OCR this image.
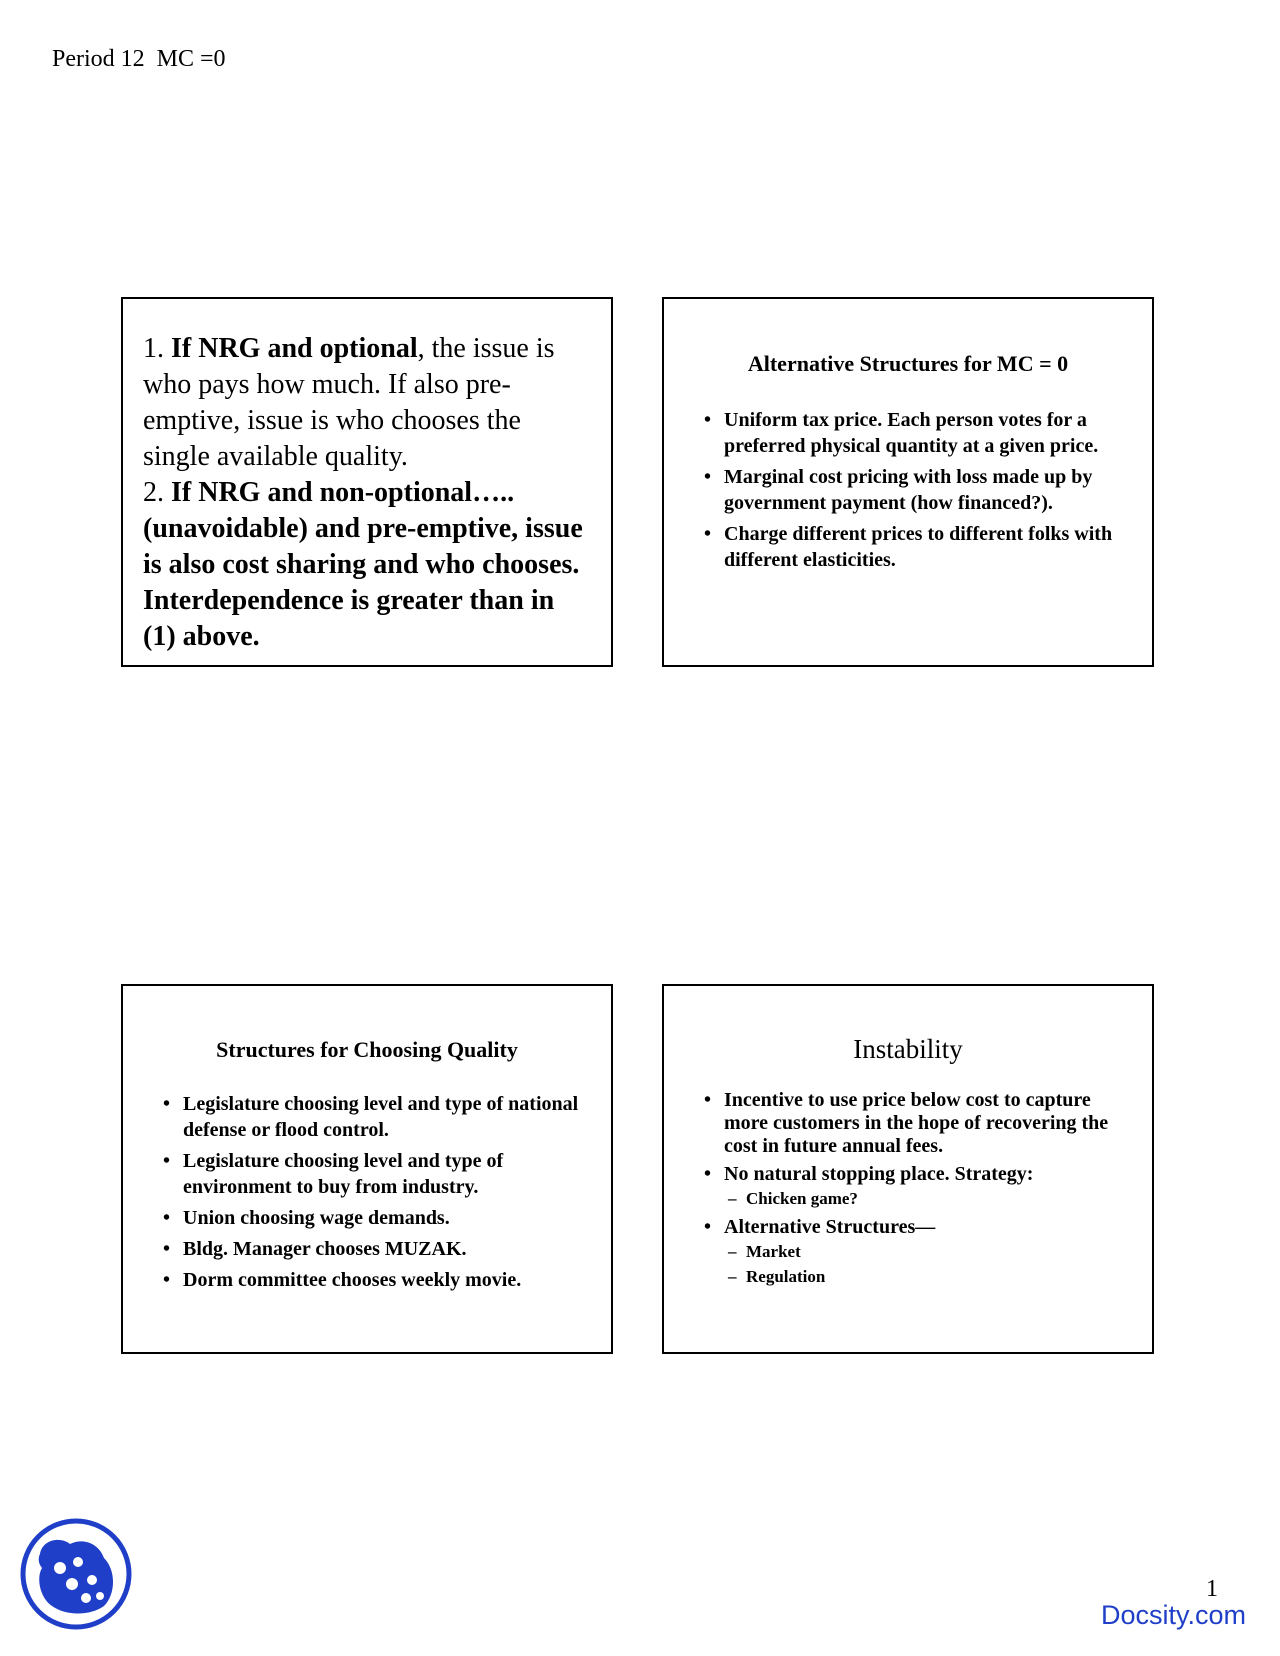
Period 12  MC =0
1. If NRG and optional, the issue is who pays how much. If also pre-emptive, issue is who chooses the single available quality.
2. If NRG and non-optional….. (unavoidable) and pre-emptive, issue is also cost sharing and who chooses. Interdependence is greater than in (1) above.
Alternative Structures for MC = 0
• Uniform tax price. Each person votes for a preferred physical quantity at a given price.
• Marginal cost pricing with loss made up by government payment (how financed?).
• Charge different prices to different folks with different elasticities.
Structures for Choosing Quality
• Legislature choosing level and type of national defense or flood control.
• Legislature choosing level and type of environment to buy from industry.
• Union choosing wage demands.
• Bldg. Manager chooses MUZAK.
• Dorm committee chooses weekly movie.
Instability
• Incentive to use price below cost to capture more customers in the hope of recovering the cost in future annual fees.
• No natural stopping place. Strategy:
– Chicken game?
• Alternative Structures—
– Market
– Regulation
1
Docsity.com
